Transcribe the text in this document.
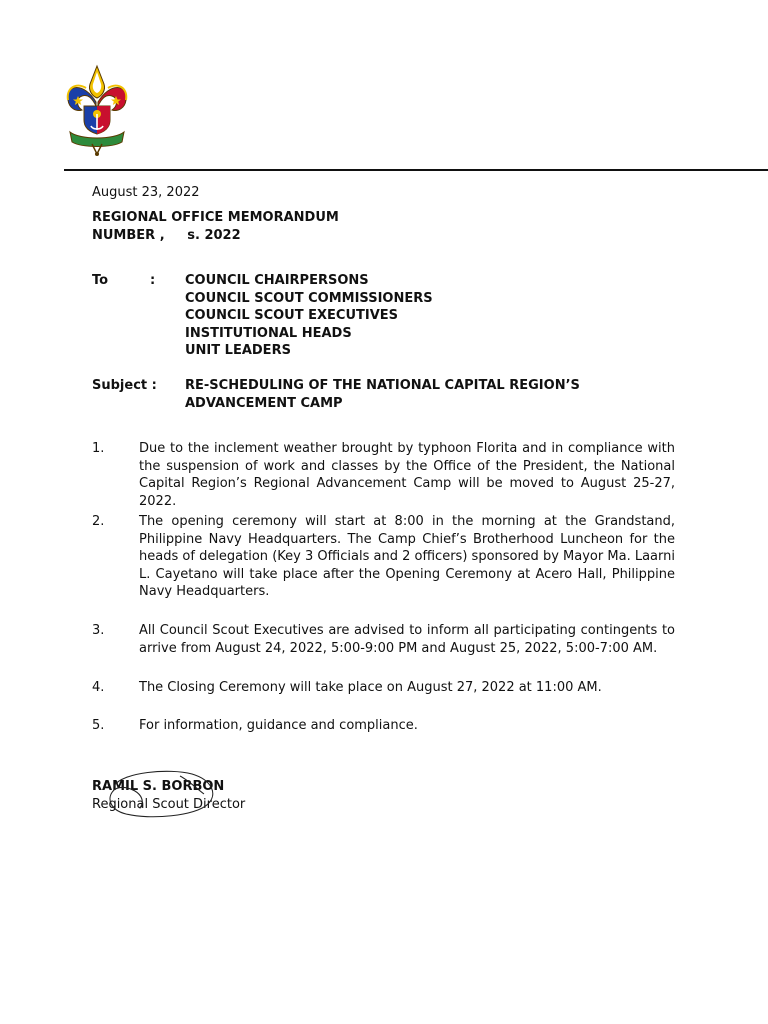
August 23, 2022
REGIONAL OFFICE MEMORANDUM
NUMBER ,     s. 2022
To	: COUNCIL CHAIRPERSONS
COUNCIL SCOUT COMMISSIONERS
COUNCIL SCOUT EXECUTIVES
INSTITUTIONAL HEADS
UNIT LEADERS
Subject : RE-SCHEDULING OF THE NATIONAL CAPITAL REGION’S
ADVANCEMENT CAMP
1.	Due to the inclement weather brought by typhoon Florita and in compliance with the suspension of work and classes by the Office of the President, the National Capital Region’s Regional Advancement Camp will be moved to August 25-27, 2022.
2.	The opening ceremony will start at 8:00 in the morning at the Grandstand, Philippine Navy Headquarters. The Camp Chief’s Brotherhood Luncheon for the heads of delegation (Key 3 Officials and 2 officers) sponsored by Mayor Ma. Laarni L. Cayetano will take place after the Opening Ceremony at Acero Hall, Philippine Navy Headquarters.
3.	All Council Scout Executives are advised to inform all participating contingents to arrive from August 24, 2022, 5:00-9:00 PM and August 25, 2022, 5:00-7:00 AM.
4.	The Closing Ceremony will take place on August 27, 2022 at 11:00 AM.
5.	For information, guidance and compliance.
RAMIL S. BORBON
Regional Scout Director
